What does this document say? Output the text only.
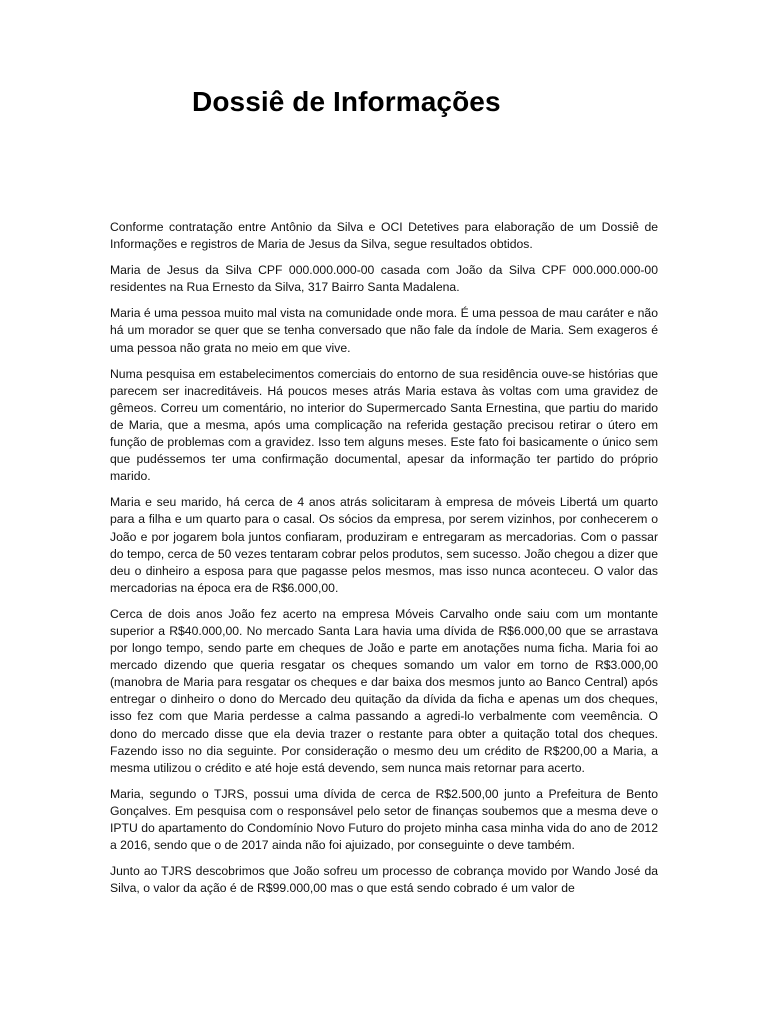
Dossiê de Informações

Conforme contratação entre Antônio da Silva e OCI Detetives para elaboração de um Dossiê de Informações e registros de Maria de Jesus da Silva, segue resultados obtidos.

Maria de Jesus da Silva CPF 000.000.000-00 casada com João da Silva CPF 000.000.000-00 residentes na Rua Ernesto da Silva, 317 Bairro Santa Madalena.

Maria é uma pessoa muito mal vista na comunidade onde mora. É uma pessoa de mau caráter e não há um morador se quer que se tenha conversado que não fale da índole de Maria. Sem exageros é uma pessoa não grata no meio em que vive.

Numa pesquisa em estabelecimentos comerciais do entorno de sua residência ouve-se histórias que parecem ser inacreditáveis. Há poucos meses atrás Maria estava às voltas com uma gravidez de gêmeos. Correu um comentário, no interior do Supermercado Santa Ernestina, que partiu do marido de Maria, que a mesma, após uma complicação na referida gestação precisou retirar o útero em função de problemas com a gravidez. Isso tem alguns meses. Este fato foi basicamente o único sem que pudéssemos ter uma confirmação documental, apesar da informação ter partido do próprio marido.

Maria e seu marido, há cerca de 4 anos atrás solicitaram à empresa de móveis Libertá um quarto para a filha e um quarto para o casal. Os sócios da empresa, por serem vizinhos, por conhecerem o João e por jogarem bola juntos confiaram, produziram e entregaram as mercadorias. Com o passar do tempo, cerca de 50 vezes tentaram cobrar pelos produtos, sem sucesso. João chegou a dizer que deu o dinheiro a esposa para que pagasse pelos mesmos, mas isso nunca aconteceu. O valor das mercadorias na época era de R$6.000,00.

Cerca de dois anos João fez acerto na empresa Móveis Carvalho onde saiu com um montante superior a R$40.000,00. No mercado Santa Lara havia uma dívida de R$6.000,00 que se arrastava por longo tempo, sendo parte em cheques de João e parte em anotações numa ficha. Maria foi ao mercado dizendo que queria resgatar os cheques somando um valor em torno de R$3.000,00 (manobra de Maria para resgatar os cheques e dar baixa dos mesmos junto ao Banco Central) após entregar o dinheiro o dono do Mercado deu quitação da dívida da ficha e apenas um dos cheques, isso fez com que Maria perdesse a calma passando a agredi-lo verbalmente com veemência. O dono do mercado disse que ela devia trazer o restante para obter a quitação total dos cheques. Fazendo isso no dia seguinte. Por consideração o mesmo deu um crédito de R$200,00 a Maria, a mesma utilizou o crédito e até hoje está devendo, sem nunca mais retornar para acerto.

Maria, segundo o TJRS, possui uma dívida de cerca de R$2.500,00 junto a Prefeitura de Bento Gonçalves. Em pesquisa com o responsável pelo setor de finanças soubemos que a mesma deve o IPTU do apartamento do Condomínio Novo Futuro do projeto minha casa minha vida do ano de 2012 a 2016, sendo que o de 2017 ainda não foi ajuizado, por conseguinte o deve também.

Junto ao TJRS descobrimos que João sofreu um processo de cobrança movido por Wando José da Silva, o valor da ação é de R$99.000,00 mas o que está sendo cobrado é um valor de
